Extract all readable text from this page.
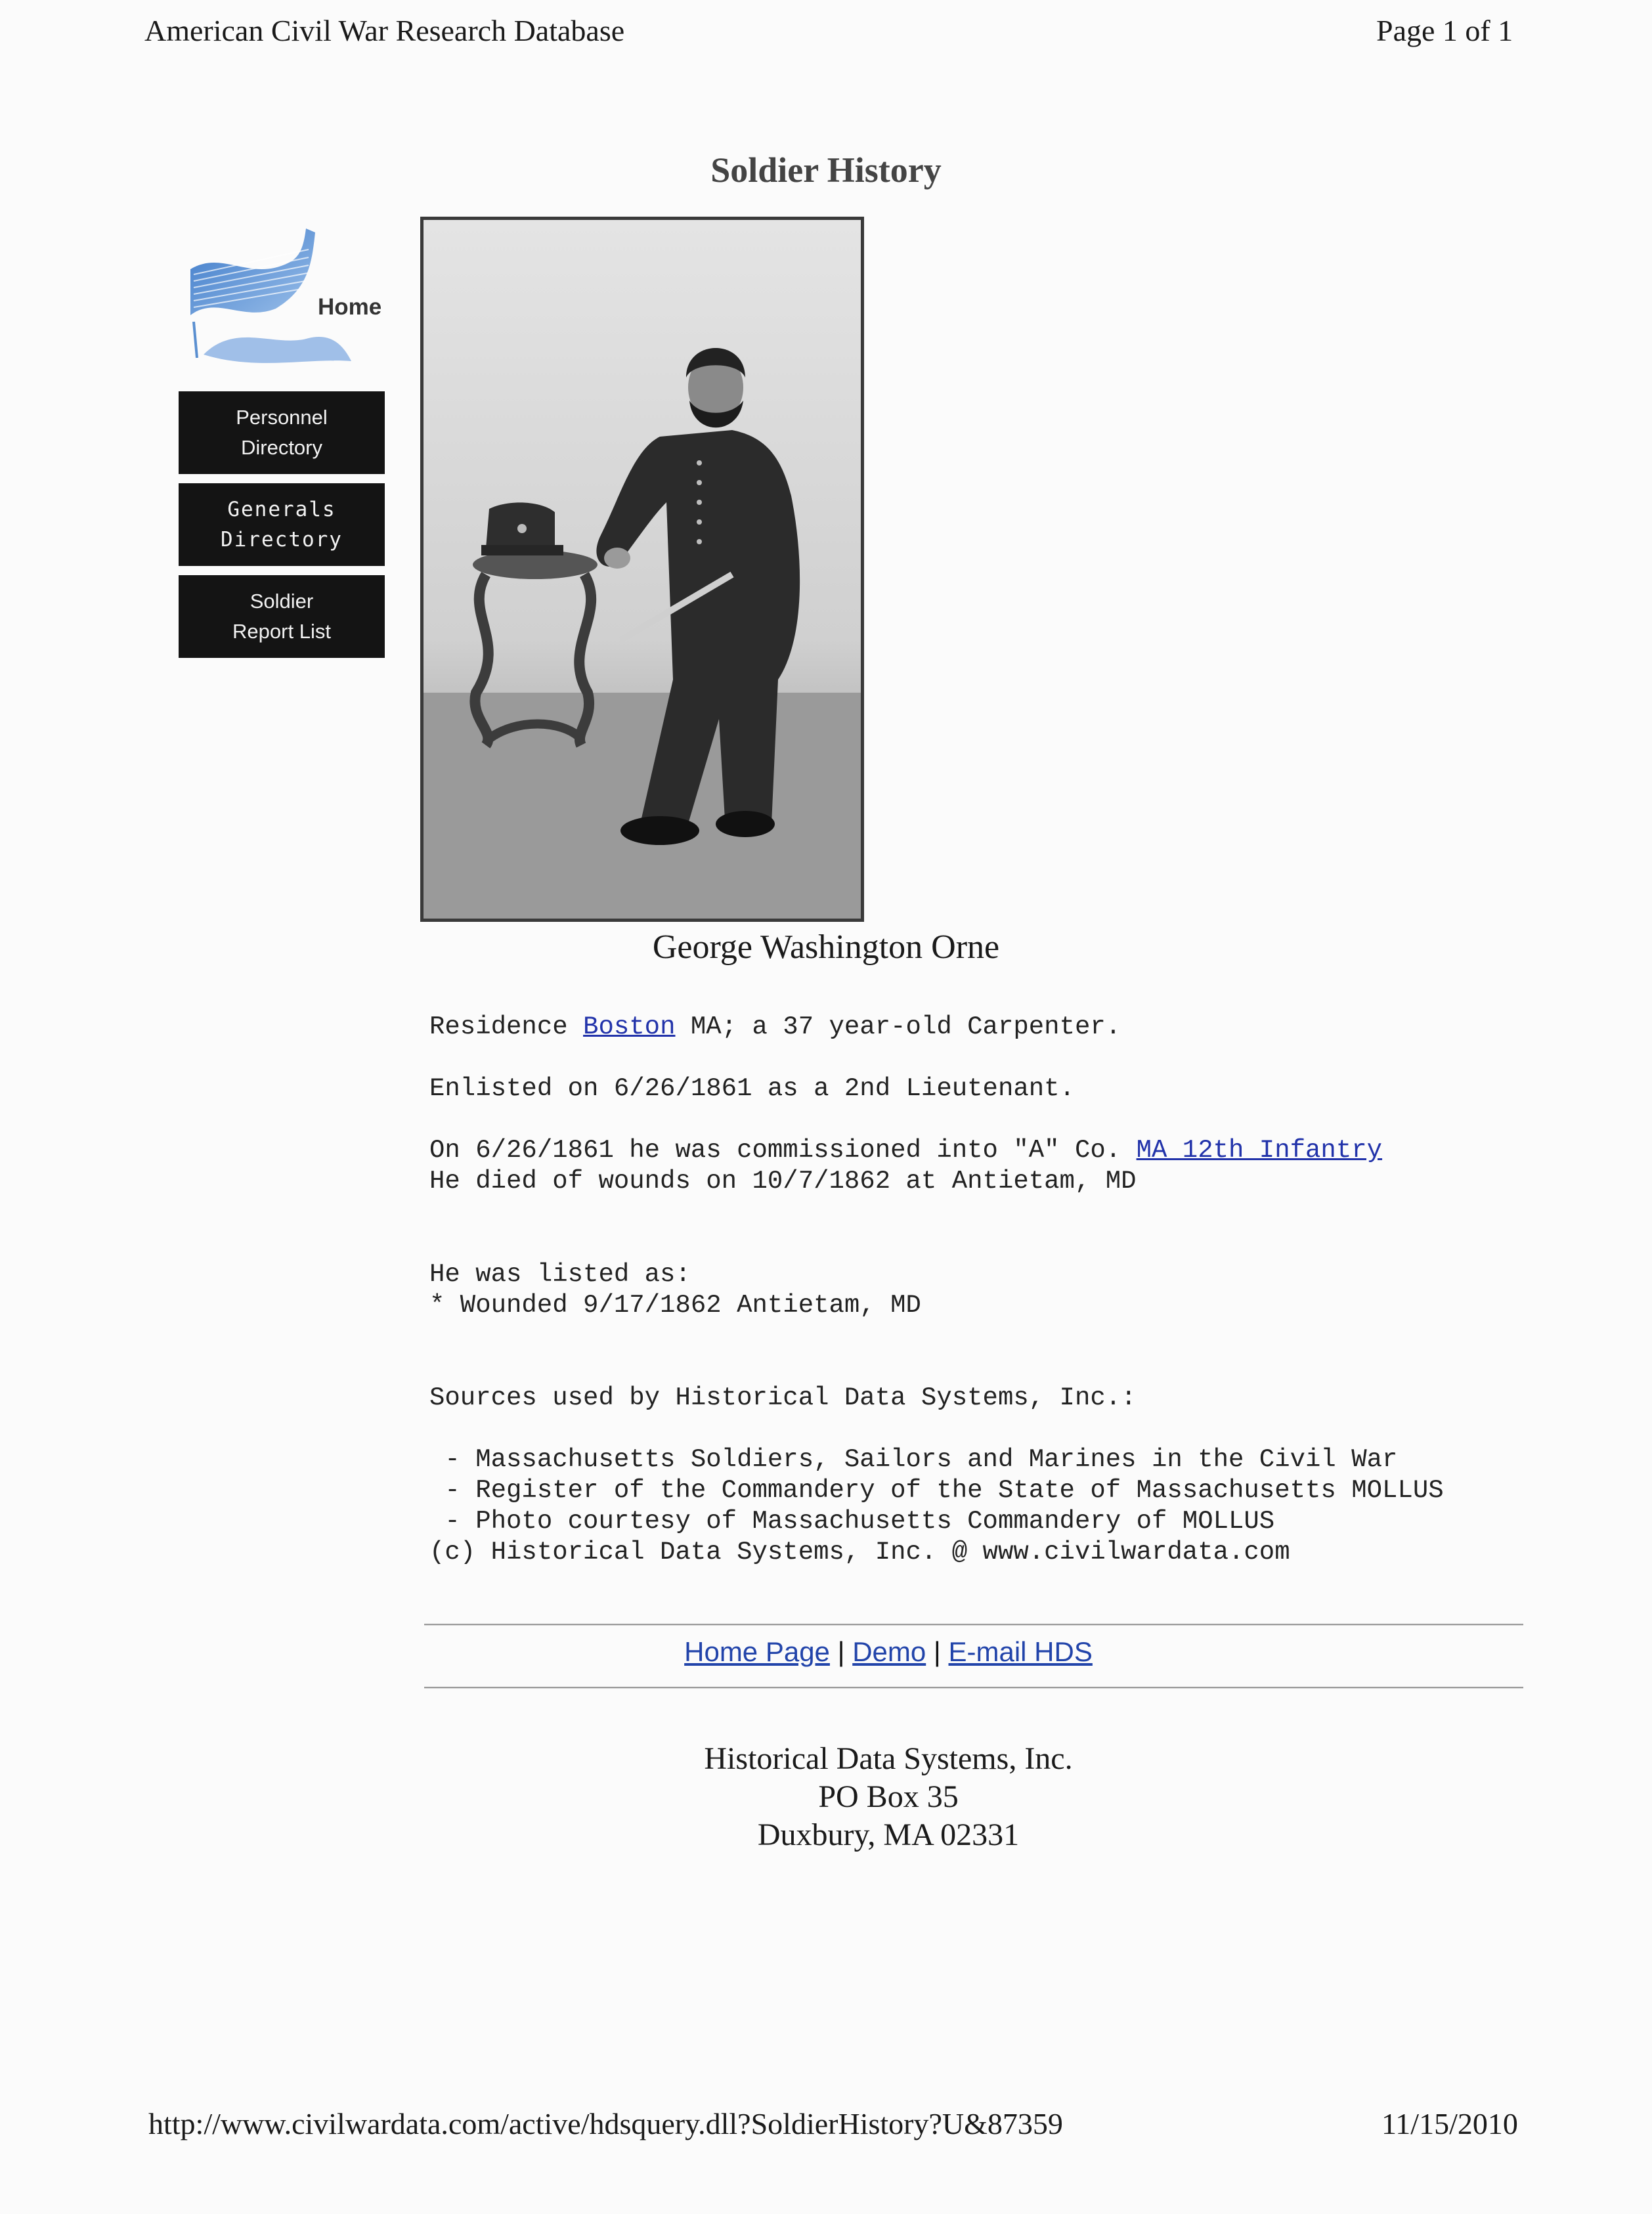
American Civil War Research Database	Page 1 of 1
Soldier History
Home
Personnel
Directory
Generals
Directory
Soldier
Report List
George Washington Orne
Residence Boston MA; a 37 year-old Carpenter.
Enlisted on 6/26/1861 as a 2nd Lieutenant.
On 6/26/1861 he was commissioned into "A" Co. MA 12th Infantry
He died of wounds on 10/7/1862 at Antietam, MD
He was listed as:
* Wounded 9/17/1862 Antietam, MD
Sources used by Historical Data Systems, Inc.:
- Massachusetts Soldiers, Sailors and Marines in the Civil War
- Register of the Commandery of the State of Massachusetts MOLLUS
- Photo courtesy of Massachusetts Commandery of MOLLUS
(c) Historical Data Systems, Inc. @ www.civilwardata.com
Home Page | Demo | E-mail HDS
Historical Data Systems, Inc.
PO Box 35
Duxbury, MA 02331
http://www.civilwardata.com/active/hdsquery.dll?SoldierHistory?U&87359	11/15/2010
